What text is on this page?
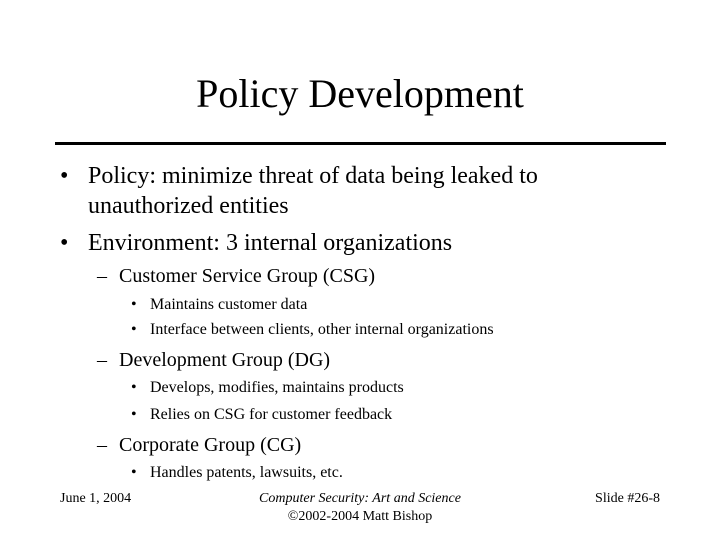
Policy Development
• Policy: minimize threat of data being leaked to
unauthorized entities
• Environment: 3 internal organizations
– Customer Service Group (CSG)
• Maintains customer data
• Interface between clients, other internal organizations
– Development Group (DG)
• Develops, modifies, maintains products
• Relies on CSG for customer feedback
– Corporate Group (CG)
• Handles patents, lawsuits, etc.
June 1, 2004	Computer Security: Art and Science
©2002-2004 Matt Bishop
Slide #26-8
